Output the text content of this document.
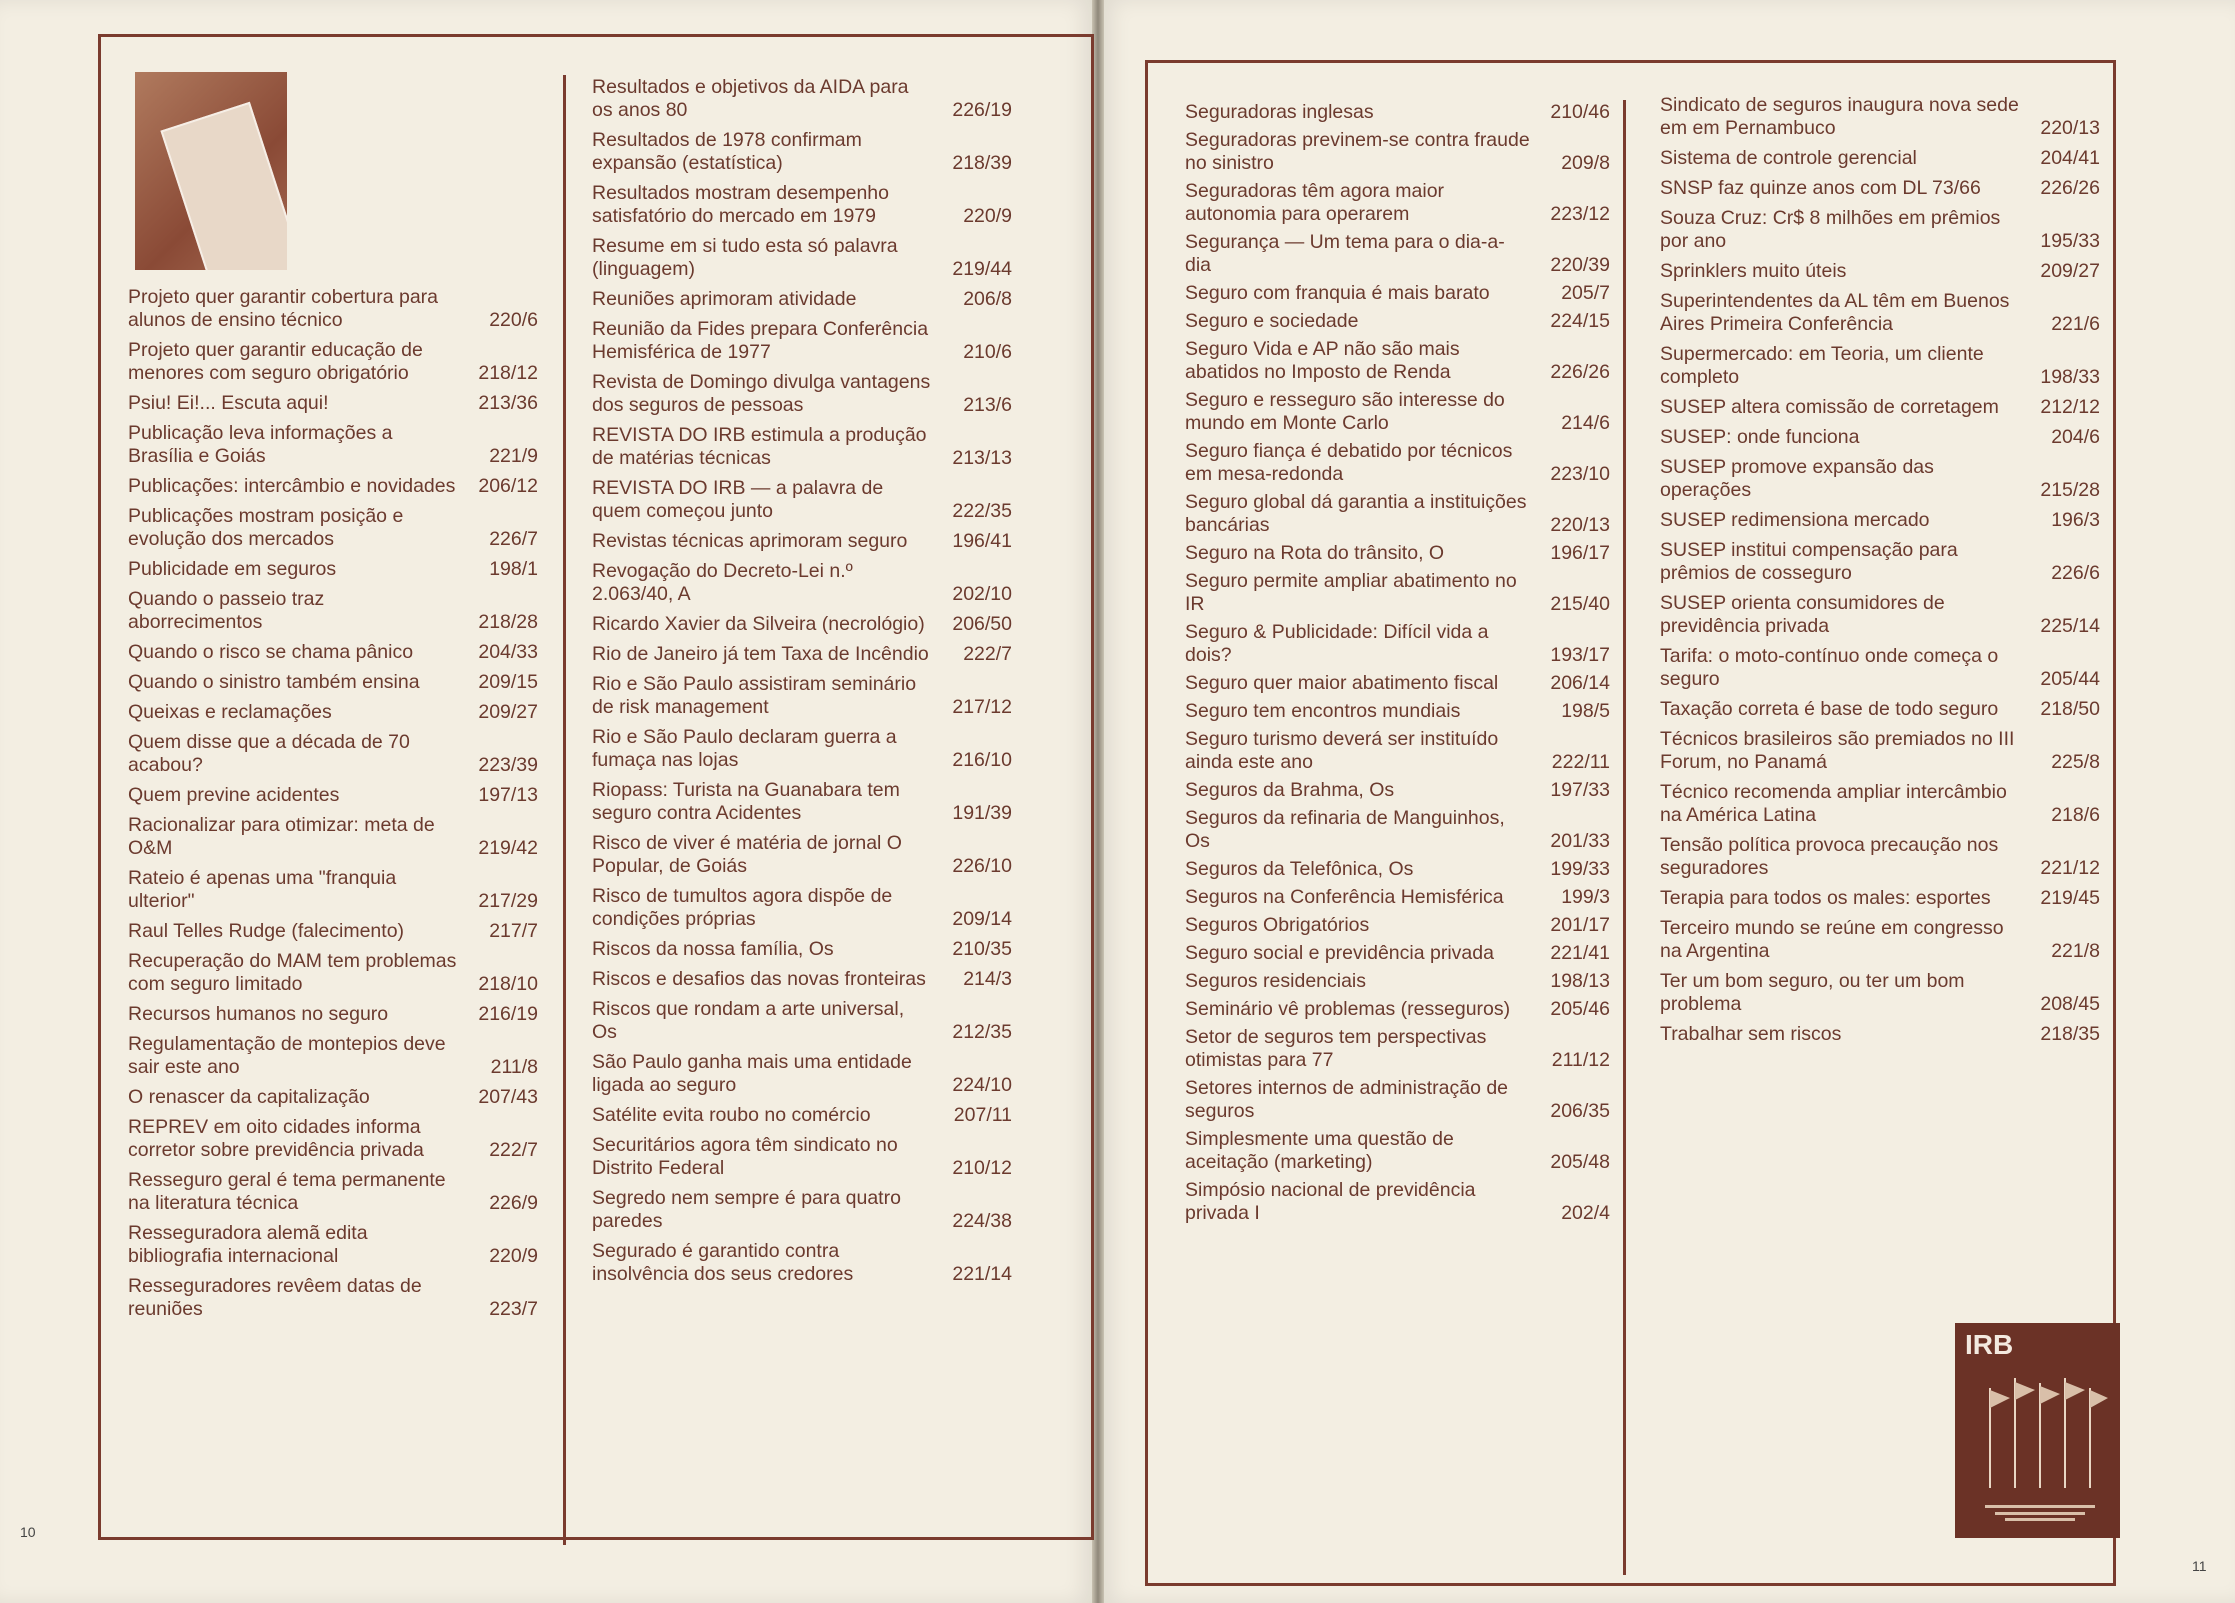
IRB
Projeto quer garantir cobertura para alunos de ensino técnico	220/6
Projeto quer garantir educação de menores com seguro obrigatório	218/12
Psiu! Ei!... Escuta aqui!	213/36
Publicação leva informações a Brasília e Goiás	221/9
Publicações: intercâmbio e novidades	206/12
Publicações mostram posição e evolução dos mercados	226/7
Publicidade em seguros	198/1
Quando o passeio traz aborrecimentos	218/28
Quando o risco se chama pânico	204/33
Quando o sinistro também ensina	209/15
Queixas e reclamações	209/27
Quem disse que a década de 70 acabou?	223/39
Quem previne acidentes	197/13
Racionalizar para otimizar: meta de O&M	219/42
Rateio é apenas uma "franquia ulterior"	217/29
Raul Telles Rudge (falecimento)	217/7
Recuperação do MAM tem problemas com seguro limitado	218/10
Recursos humanos no seguro	216/19
Regulamentação de montepios deve sair este ano	211/8
O renascer da capitalização	207/43
REPREV em oito cidades informa corretor sobre previdência privada	222/7
Resseguro geral é tema permanente na literatura técnica	226/9
Resseguradora alemã edita bibliografia internacional	220/9
Resseguradores revêem datas de reuniões	223/7
Resultados e objetivos da AIDA para os anos 80	226/19
Resultados de 1978 confirmam expansão (estatística)	218/39
Resultados mostram desempenho satisfatório do mercado em 1979	220/9
Resume em si tudo esta só palavra (linguagem)	219/44
Reuniões aprimoram atividade	206/8
Reunião da Fides prepara Conferência Hemisférica de 1977	210/6
Revista de Domingo divulga vantagens dos seguros de pessoas	213/6
REVISTA DO IRB estimula a produção de matérias técnicas	213/13
REVISTA DO IRB — a palavra de quem começou junto	222/35
Revistas técnicas aprimoram seguro	196/41
Revogação do Decreto-Lei n.º 2.063/40, A	202/10
Ricardo Xavier da Silveira (necrológio)	206/50
Rio de Janeiro já tem Taxa de Incêndio	222/7
Rio e São Paulo assistiram seminário de risk management	217/12
Rio e São Paulo declaram guerra a fumaça nas lojas	216/10
Riopass: Turista na Guanabara tem seguro contra Acidentes	191/39
Risco de viver é matéria de jornal O Popular, de Goiás	226/10
Risco de tumultos agora dispõe de condições próprias	209/14
Riscos da nossa família, Os	210/35
Riscos e desafios das novas fronteiras	214/3
Riscos que rondam a arte universal, Os	212/35
São Paulo ganha mais uma entidade ligada ao seguro	224/10
Satélite evita roubo no comércio	207/11
Securitários agora têm sindicato no Distrito Federal	210/12
Segredo nem sempre é para quatro paredes	224/38
Segurado é garantido contra insolvência dos seus credores	221/14
Seguradoras inglesas	210/46
Seguradoras previnem-se contra fraude no sinistro	209/8
Seguradoras têm agora maior autonomia para operarem	223/12
Segurança — Um tema para o dia-a-dia	220/39
Seguro com franquia é mais barato	205/7
Seguro e sociedade	224/15
Seguro Vida e AP não são mais abatidos no Imposto de Renda	226/26
Seguro e resseguro são interesse do mundo em Monte Carlo	214/6
Seguro fiança é debatido por técnicos em mesa-redonda	223/10
Seguro global dá garantia a instituições bancárias	220/13
Seguro na Rota do trânsito, O	196/17
Seguro permite ampliar abatimento no IR	215/40
Seguro & Publicidade: Difícil vida a dois?	193/17
Seguro quer maior abatimento fiscal	206/14
Seguro tem encontros mundiais	198/5
Seguro turismo deverá ser instituído ainda este ano	222/11
Seguros da Brahma, Os	197/33
Seguros da refinaria de Manguinhos, Os	201/33
Seguros da Telefônica, Os	199/33
Seguros na Conferência Hemisférica	199/3
Seguros Obrigatórios	201/17
Seguro social e previdência privada	221/41
Seguros residenciais	198/13
Seminário vê problemas (resseguros)	205/46
Setor de seguros tem perspectivas otimistas para 77	211/12
Setores internos de administração de seguros	206/35
Simplesmente uma questão de aceitação (marketing)	205/48
Simpósio nacional de previdência privada I	202/4
Sindicato de seguros inaugura nova sede em em Pernambuco	220/13
Sistema de controle gerencial	204/41
SNSP faz quinze anos com DL 73/66	226/26
Souza Cruz: Cr$ 8 milhões em prêmios por ano	195/33
Sprinklers muito úteis	209/27
Superintendentes da AL têm em Buenos Aires Primeira Conferência	221/6
Supermercado: em Teoria, um cliente completo	198/33
SUSEP altera comissão de corretagem	212/12
SUSEP: onde funciona	204/6
SUSEP promove expansão das operações	215/28
SUSEP redimensiona mercado	196/3
SUSEP institui compensação para prêmios de cosseguro	226/6
SUSEP orienta consumidores de previdência privada	225/14
Tarifa: o moto-contínuo onde começa o seguro	205/44
Taxação correta é base de todo seguro	218/50
Técnicos brasileiros são premiados no III Forum, no Panamá	225/8
Técnico recomenda ampliar intercâmbio na América Latina	218/6
Tensão política provoca precaução nos seguradores	221/12
Terapia para todos os males: esportes	219/45
Terceiro mundo se reúne em congresso na Argentina	221/8
Ter um bom seguro, ou ter um bom problema	208/45
Trabalhar sem riscos	218/35
10
11
